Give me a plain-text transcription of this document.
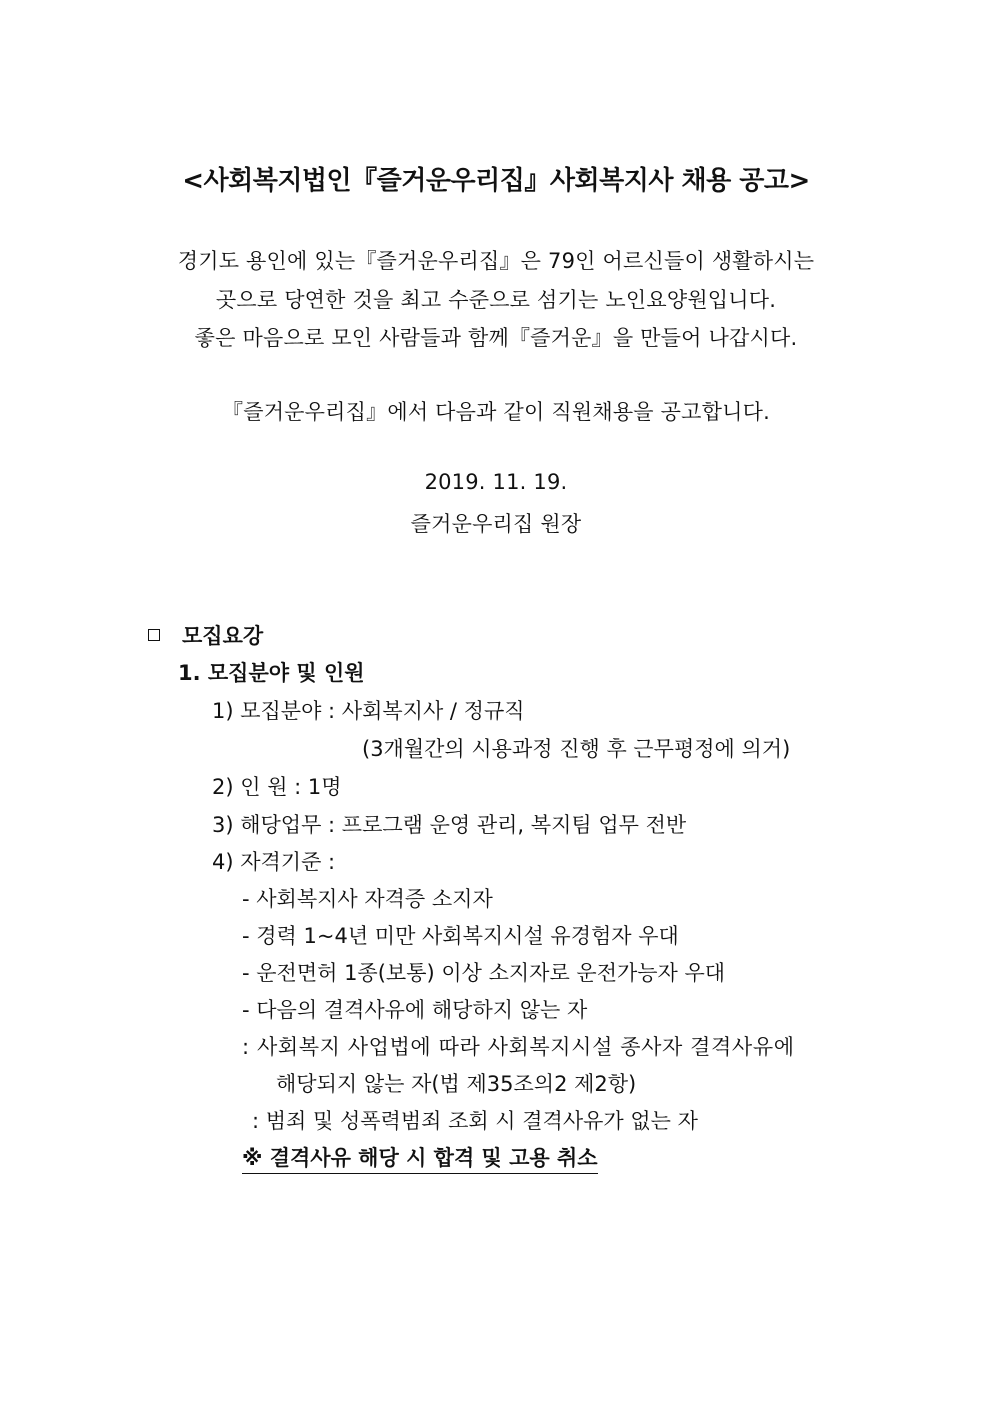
<사회복지법인『즐거운우리집』사회복지사 채용 공고>
경기도 용인에 있는『즐거운우리집』은 79인 어르신들이 생활하시는
곳으로 당연한 것을 최고 수준으로 섬기는 노인요양원입니다.
좋은 마음으로 모인 사람들과 함께『즐거운』을 만들어 나갑시다.
『즐거운우리집』에서 다음과 같이 직원채용을 공고합니다.
2019. 11. 19.
즐거운우리집 원장
모집요강
1. 모집분야 및 인원
1) 모집분야 : 사회복지사 / 정규직
(3개월간의 시용과정 진행 후 근무평정에 의거)
2) 인 원 : 1명
3) 해당업무 : 프로그램 운영 관리, 복지팀 업무 전반
4) 자격기준 :
- 사회복지사 자격증 소지자
- 경력 1~4년 미만 사회복지시설 유경험자 우대
- 운전면허 1종(보통) 이상 소지자로 운전가능자 우대
- 다음의 결격사유에 해당하지 않는 자
: 사회복지 사업법에 따라 사회복지시설 종사자 결격사유에
해당되지 않는 자(법 제35조의2 제2항)
: 범죄 및 성폭력범죄 조회 시 결격사유가 없는 자
※ 결격사유 해당 시 합격 및 고용 취소
